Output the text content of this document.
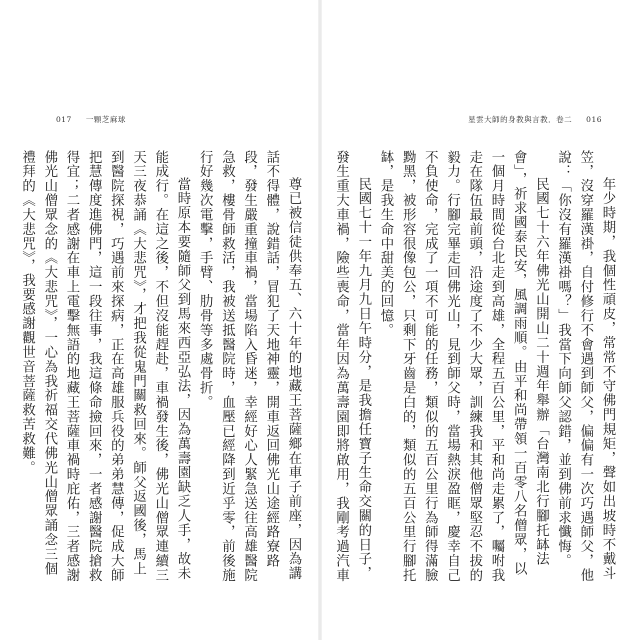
017 一顆芝麻球

尊已被信徒供奉五、六十年的地藏王菩薩鄉在車子前座，因為講話不得體，說錯話，冒犯了天地神靈，開車返回佛光山途經路寮路段，發生嚴重撞車禍，當場陷入昏迷，幸經好心人緊急送往高雄醫院急救，樓骨師救活，我被送抵醫院時，血壓已經降到近乎零，前後施行好幾次電擊，手臂、肋骨等多處骨折。

當時原本要隨師父到馬來西亞弘法，因為萬壽園缺乏人手，故未能成行。在這之後，不但沒能趕赴，車禍發生後，佛光山僧眾連續三天三夜恭誦《大悲咒》，才把我從鬼門關救回來。師父返國後，馬上到醫院探視，巧遇前來探病，正在高雄服兵役的弟弟慧傳，促成大師把慧傳度進佛門，這一段往事，我這條命撿回來，一者感謝醫院搶救得宜；二者感謝在車上電擊無語的地藏王菩薩車禍時庇佑，三者感謝佛光山僧眾念的《大悲咒》，一心為我祈福交代佛光山僧眾誦念三個禮拜的《大悲咒》，我要感謝觀世音菩薩救苦救難。

星雲大師的身教與言教．卷二 016

年少時期，我個性頑皮，常常不守佛門規矩，聲如出坡時不戴斗笠，沒穿羅漢褂，自付修行不會遇到師父，偏偏有一次巧遇師父，他說：「你沒有羅漢褂嗎？」我當下向師父認錯，並到佛前求懺悔。

民國七十六年佛光山開山二十週年舉辦「台灣南北行腳托缽法會」，祈求國泰民安，風調雨順。由平和尚帶領一百零八名僧眾，以一個月時間從台北走到高雄，全程五百公里，平和尚走累了，囑咐我走在隊伍最前頭，沿途度了不少大眾，訓練我和其他僧眾堅忍不拔的毅力。行腳完畢走回佛光山，見到師父時，當場熱淚盈眶，慶幸自己不負使命，完成了一項不可能的任務，類似的五百公里行為師得滿臉黝黑，被形容很像包公，只剩下牙齒是白的，類似的五百公里行腳托缽，是我生命中甜美的回憶。

民國七十一年九月九日午時分，是我擔任寶子生命交關的日子，發生重大車禍，險些喪命，當年因為萬壽園即將啟用，我剛考過汽車
